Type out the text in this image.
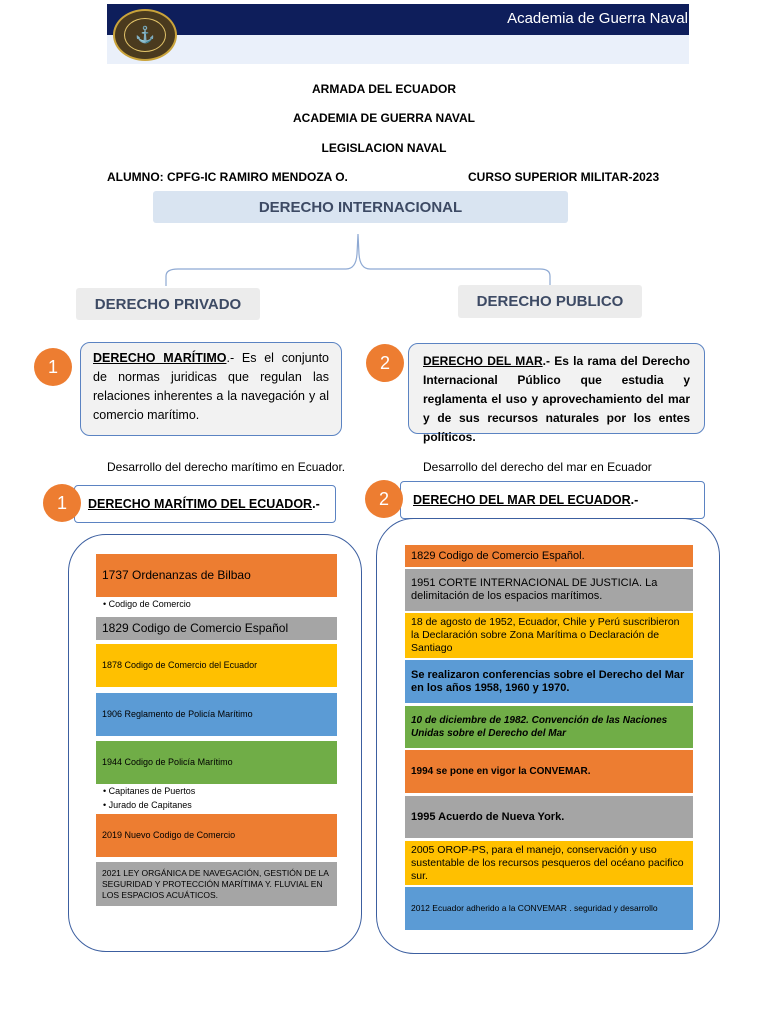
Academia de Guerra Naval
⚓
ARMADA DEL ECUADOR
ACADEMIA DE GUERRA NAVAL
LEGISLACION NAVAL
ALUMNO: CPFG-IC RAMIRO MENDOZA O.	CURSO SUPERIOR MILITAR-2023
DERECHO INTERNACIONAL
DERECHO PRIVADO	DERECHO PUBLICO
1	DERECHO MARÍTIMO.- Es el conjunto de normas juridicas que regulan las relaciones inherentes a la navegación y al comercio marítimo.
2	DERECHO DEL MAR.- Es la rama del Derecho Internacional Público que estudia y reglamenta el uso y aprovechamiento del mar y de sus recursos naturales por los entes políticos.
Desarrollo del derecho marítimo en Ecuador.	Desarrollo del derecho del mar en Ecuador
DERECHO MARÍTIMO DEL ECUADOR .-
1	DERECHO DEL MAR DEL ECUADOR .-
2
1737 Ordenanzas de Bilbao
• Codigo de Comercio
1829 Codigo de Comercio Español
1878 Codigo de Comercio del Ecuador
1906 Reglamento de Policía Marítimo
1944 Codigo de Policía Marítimo
• Capitanes de Puertos
• Jurado de Capitanes
2019 Nuevo Codigo de Comercio
2021 LEY ORGÁNICA DE NAVEGACIÓN, GESTIÓN DE LA SEGURIDAD Y PROTECCIÓN MARÍTIMA Y. FLUVIAL EN LOS ESPACIOS ACUÁTICOS.
1829 Codigo de Comercio Español.
1951 CORTE INTERNACIONAL DE JUSTICIA. La delimitación de los espacios marítimos.
18 de agosto de 1952, Ecuador, Chile y Perú suscribieron la Declaración sobre Zona Marítima o Declaración de Santiago
Se realizaron conferencias sobre el Derecho del Mar en los años 1958, 1960 y 1970.
10 de diciembre de 1982. Convención de las Naciones Unidas sobre el Derecho del Mar
1994 se pone en vigor la CONVEMAR.
1995 Acuerdo de Nueva York.
2005 OROP-PS, para el manejo, conservación y uso sustentable de los recursos pesqueros del océano pacifico sur.
2012 Ecuador adherido a la CONVEMAR . seguridad y desarrollo
